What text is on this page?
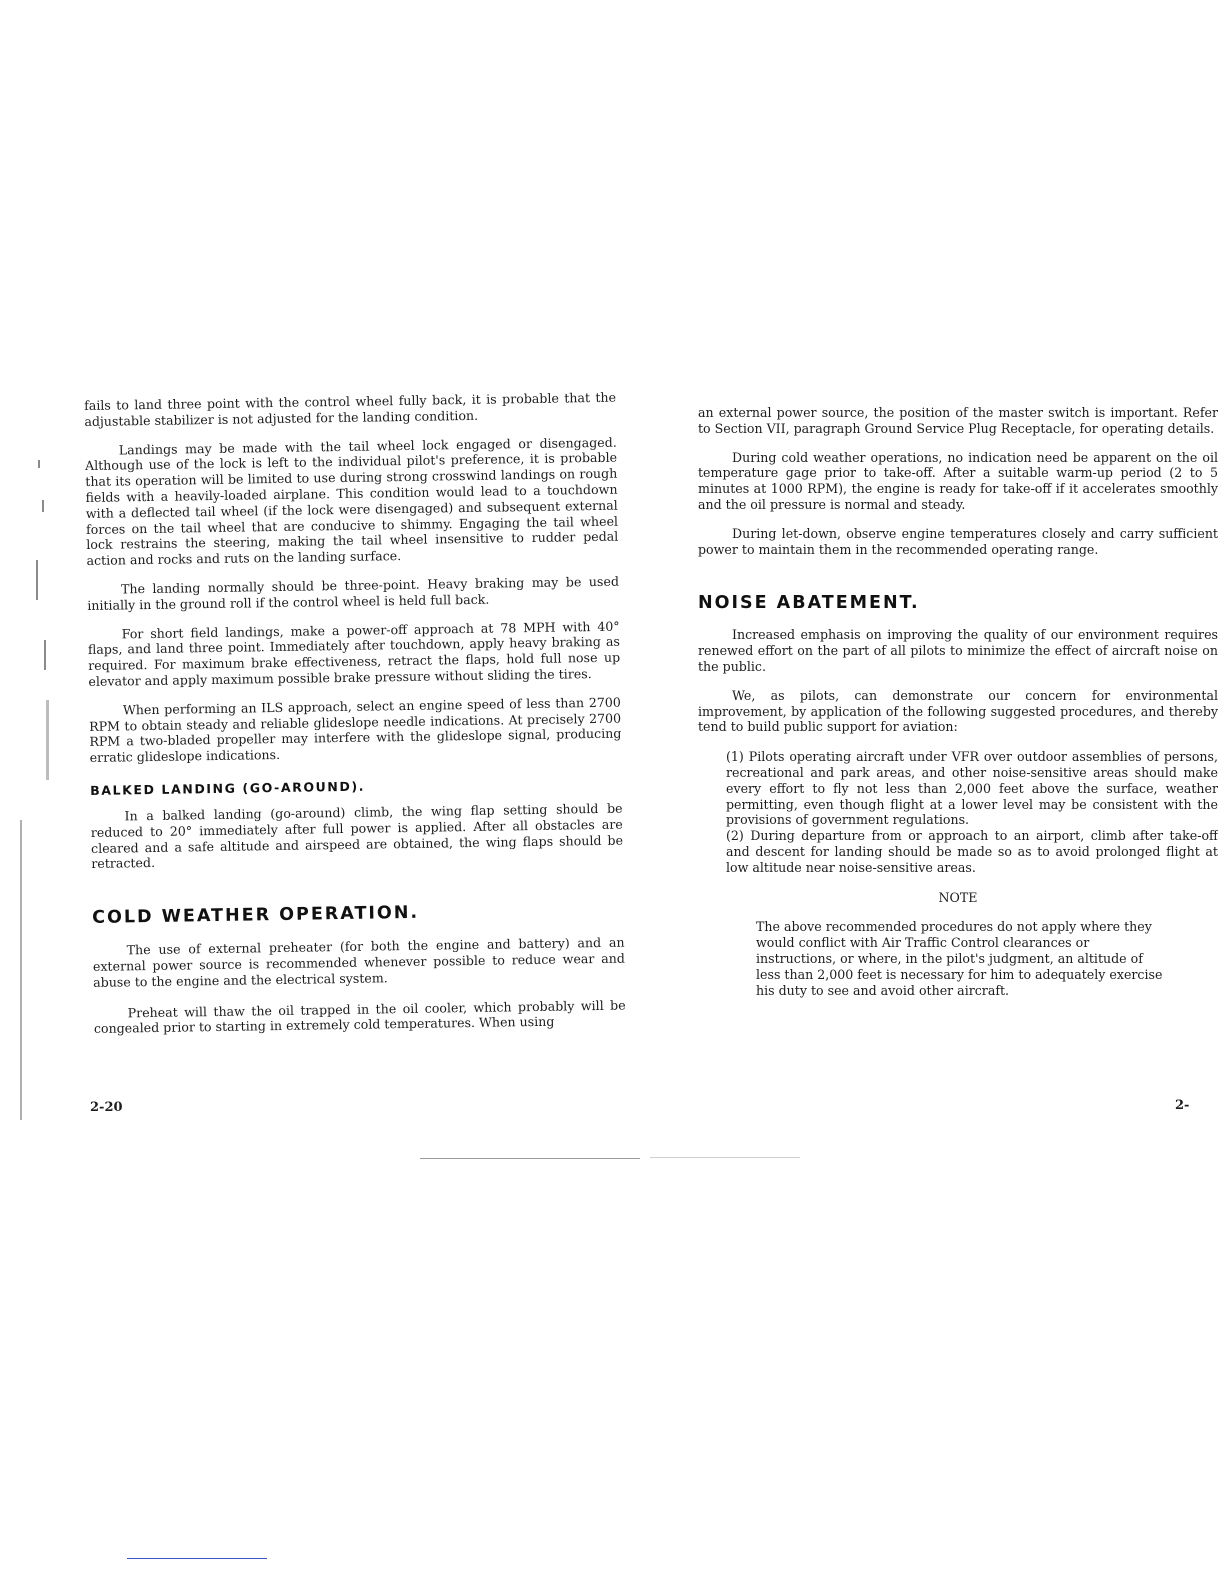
fails to land three point with the control wheel fully back, it is probable that the adjustable stabilizer is not adjusted for the landing condition.

Landings may be made with the tail wheel lock engaged or disengaged. Although use of the lock is left to the individual pilot's preference, it is probable that its operation will be limited to use during strong crosswind landings on rough fields with a heavily-loaded airplane. This condition would lead to a touchdown with a deflected tail wheel (if the lock were disengaged) and subsequent external forces on the tail wheel that are conducive to shimmy. Engaging the tail wheel lock restrains the steering, making the tail wheel insensitive to rudder pedal action and rocks and ruts on the landing surface.

The landing normally should be three-point. Heavy braking may be used initially in the ground roll if the control wheel is held full back.

For short field landings, make a power-off approach at 78 MPH with 40° flaps, and land three point. Immediately after touchdown, apply heavy braking as required. For maximum brake effectiveness, retract the flaps, hold full nose up elevator and apply maximum possible brake pressure without sliding the tires.

When performing an ILS approach, select an engine speed of less than 2700 RPM to obtain steady and reliable glideslope needle indications. At precisely 2700 RPM a two-bladed propeller may interfere with the glideslope signal, producing erratic glideslope indications.

BALKED LANDING (GO-AROUND).

In a balked landing (go-around) climb, the wing flap setting should be reduced to 20° immediately after full power is applied. After all obstacles are cleared and a safe altitude and airspeed are obtained, the wing flaps should be retracted.

COLD WEATHER OPERATION.

The use of external preheater (for both the engine and battery) and an external power source is recommended whenever possible to reduce wear and abuse to the engine and the electrical system.

Preheat will thaw the oil trapped in the oil cooler, which probably will be congealed prior to starting in extremely cold temperatures. When using

2-20

an external power source, the position of the master switch is important. Refer to Section VII, paragraph Ground Service Plug Receptacle, for operating details.

During cold weather operations, no indication need be apparent on the oil temperature gage prior to take-off. After a suitable warm-up period (2 to 5 minutes at 1000 RPM), the engine is ready for take-off if it accelerates smoothly and the oil pressure is normal and steady.

During let-down, observe engine temperatures closely and carry sufficient power to maintain them in the recommended operating range.

NOISE ABATEMENT.

Increased emphasis on improving the quality of our environment requires renewed effort on the part of all pilots to minimize the effect of aircraft noise on the public.

We, as pilots, can demonstrate our concern for environmental improvement, by application of the following suggested procedures, and thereby tend to build public support for aviation:

(1) Pilots operating aircraft under VFR over outdoor assemblies of persons, recreational and park areas, and other noise-sensitive areas should make every effort to fly not less than 2,000 feet above the surface, weather permitting, even though flight at a lower level may be consistent with the provisions of government regulations.

(2) During departure from or approach to an airport, climb after take-off and descent for landing should be made so as to avoid prolonged flight at low altitude near noise-sensitive areas.

NOTE

The above recommended procedures do not apply where they would conflict with Air Traffic Control clearances or instructions, or where, in the pilot's judgment, an altitude of less than 2,000 feet is necessary for him to adequately exercise his duty to see and avoid other aircraft.

2-
